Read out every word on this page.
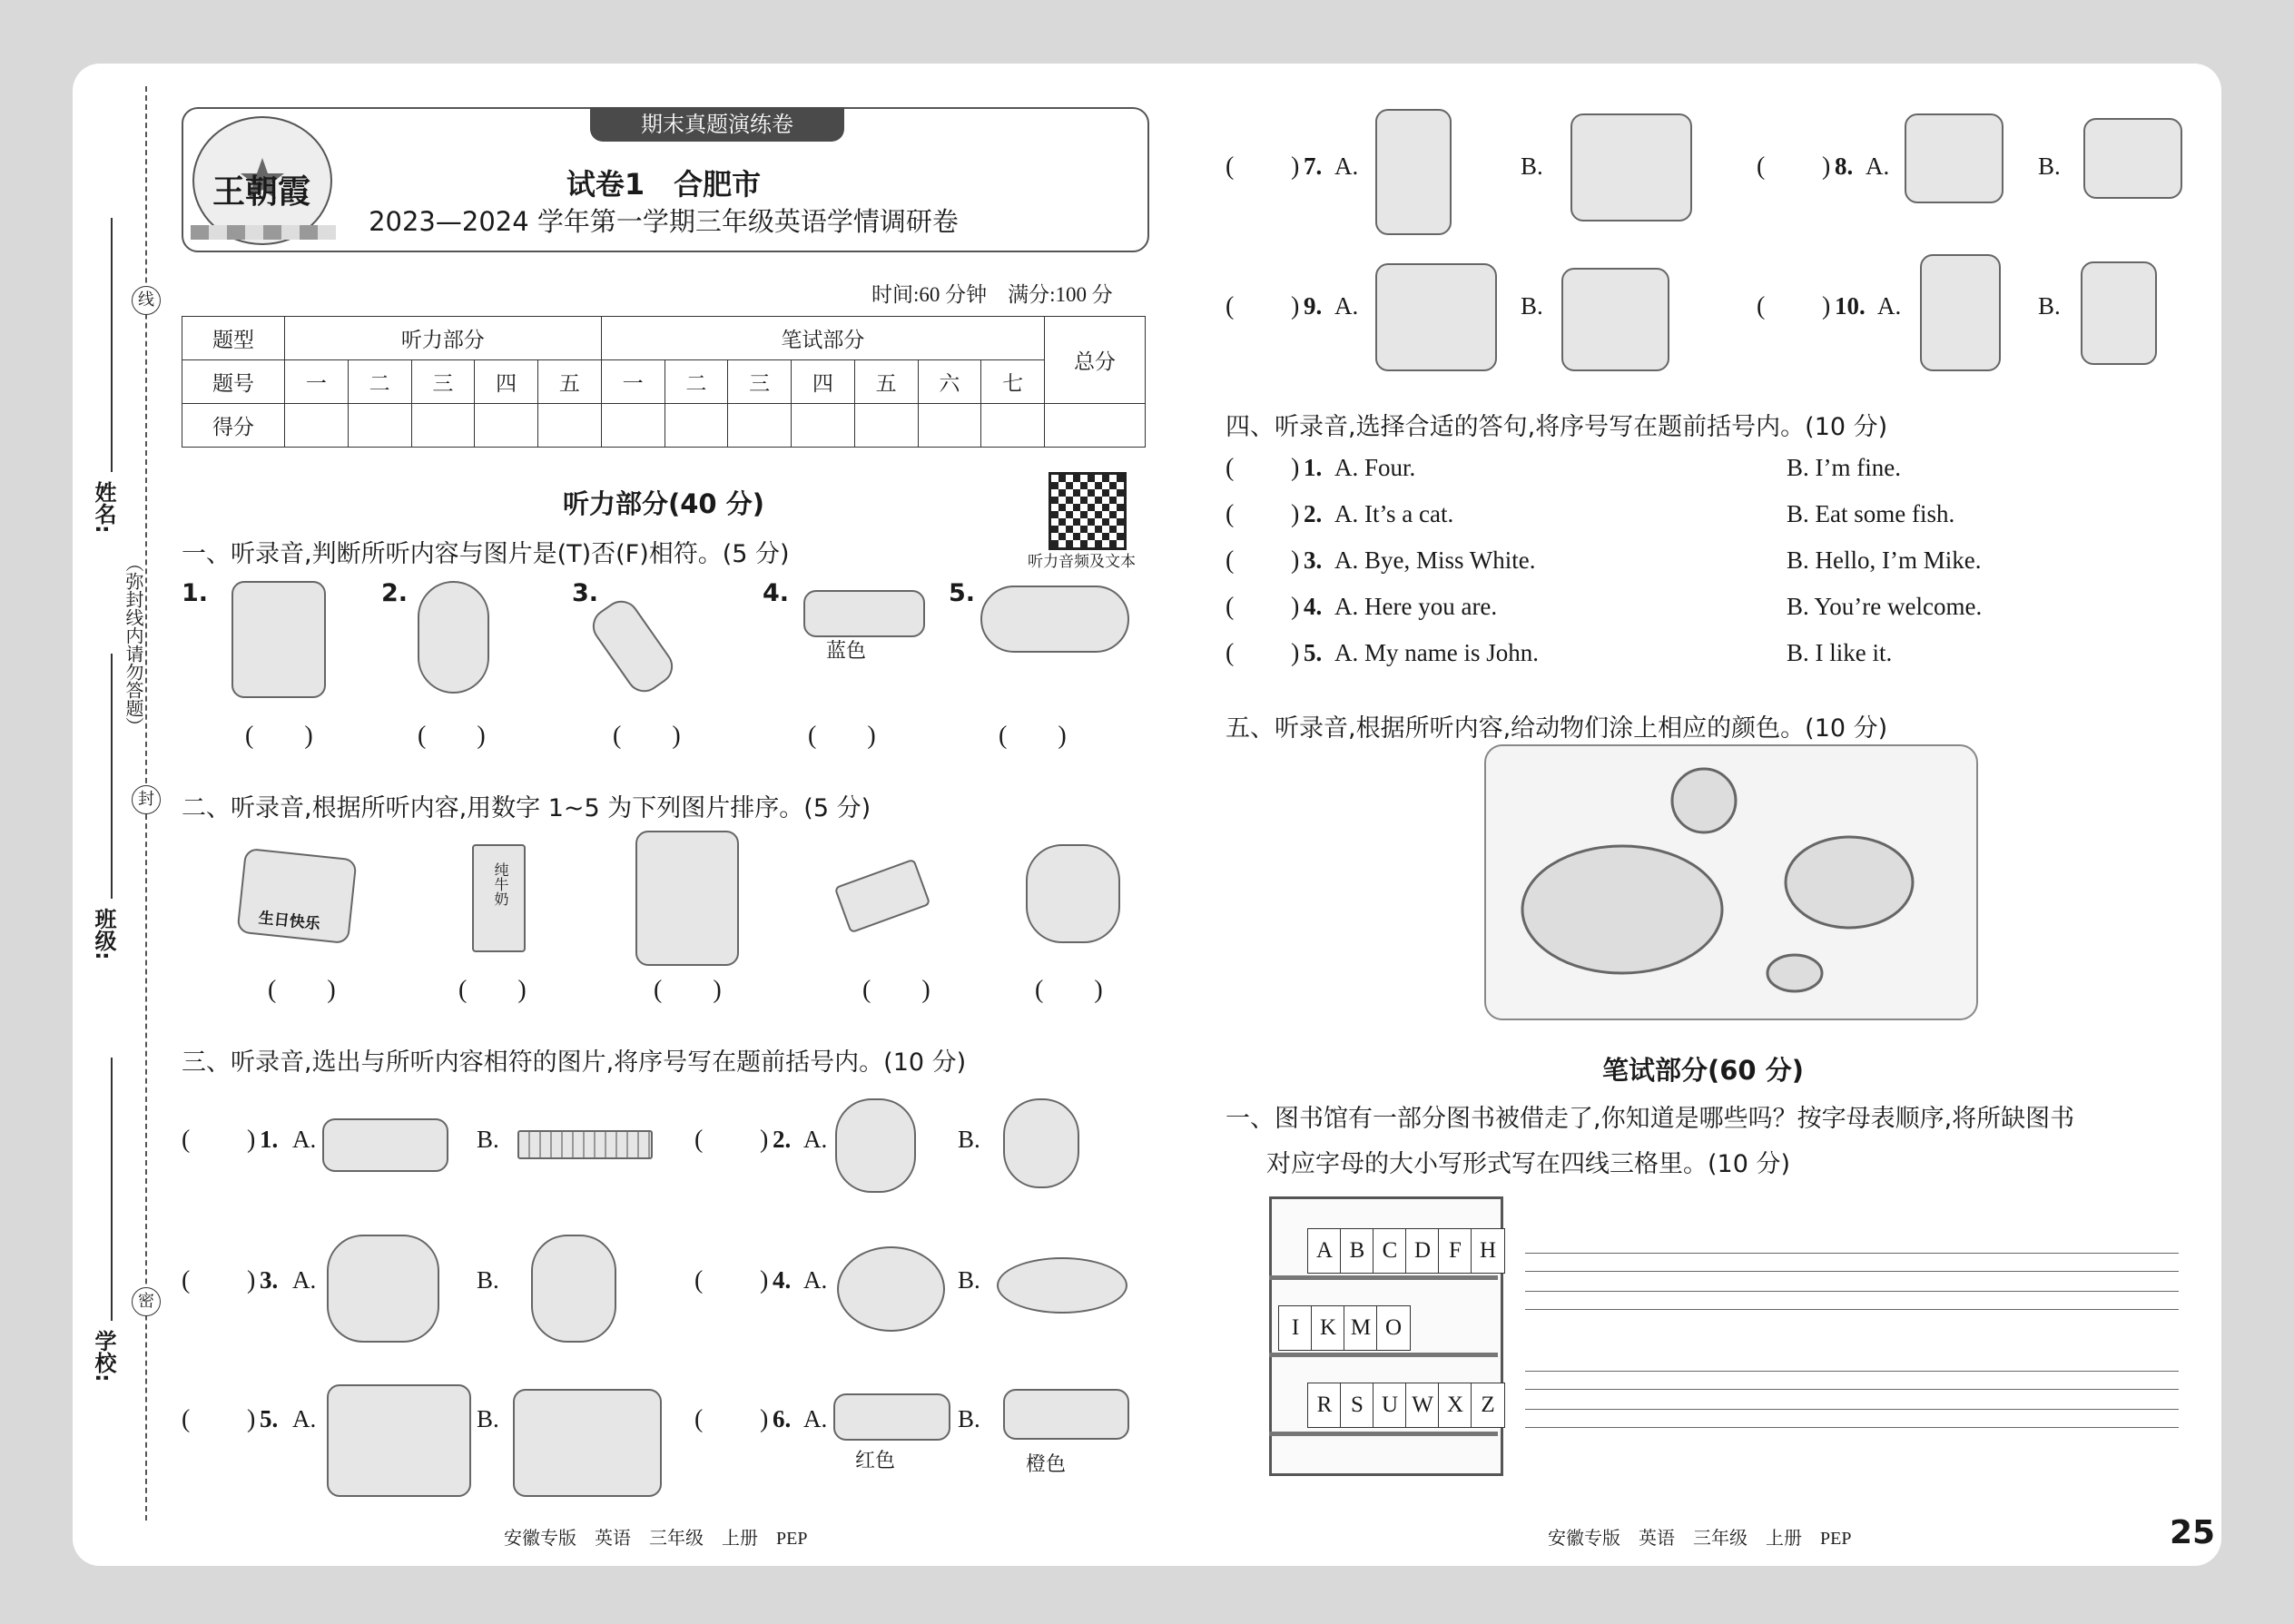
线
封
密
（弥封线内请勿答题）
姓名:
班级:
学校:
期末真题演练卷
王朝霞	试卷1　合肥市
2023—2024 学年第一学期三年级英语学情调研卷
时间:60 分钟　满分:100 分
题型	听力部分					笔试部分							总分
题号	一	二	三	四	五	一	二	三	四	五	六	七	
得分													
听力部分(40 分)
听力音频及文本
一、听录音,判断所听内容与图片是(T)否(F)相符。(5 分)
1.	2.	3.	4.
蓝色
5.
(　　)	(　　)	(　　)	(　　)	(　　)
二、听录音,根据所听内容,用数字 1~5 为下列图片排序。(5 分)
生日快乐
纯牛奶
(　　)	(　　)	(　　)	(　　)	(　　)
三、听录音,选出与所听内容相符的图片,将序号写在题前括号内。(10 分)
( ) 1. A.	B.	( ) 2. A.	B.
( ) 3. A.	B.	( ) 4. A.	B.
( ) 5. A.	B.	( ) 6. A.
红色
B.
橙色
( ) 7. A.	B.	( ) 8. A.	B.
( ) 9. A.	B.	( ) 10. A.	B.
四、听录音,选择合适的答句,将序号写在题前括号内。(10 分)
( ) 1. A. Four.	B. I’m fine.
( ) 2. A. It’s a cat.	B. Eat some fish.
( ) 3. A. Bye, Miss White.	B. Hello, I’m Mike.
( ) 4. A. Here you are.	B. You’re welcome.
( ) 5. A. My name is John.	B. I like it.
五、听录音,根据所听内容,给动物们涂上相应的颜色。(10 分)
笔试部分(60 分)
一、图书馆有一部分图书被借走了,你知道是哪些吗？按字母表顺序,将所缺图书
对应字母的大小写形式写在四线三格里。(10 分)
A B C D F H
I K M O
R S U W X Z
安徽专版　英语　三年级　上册　PEP	安徽专版　英语　三年级　上册　PEP	25
